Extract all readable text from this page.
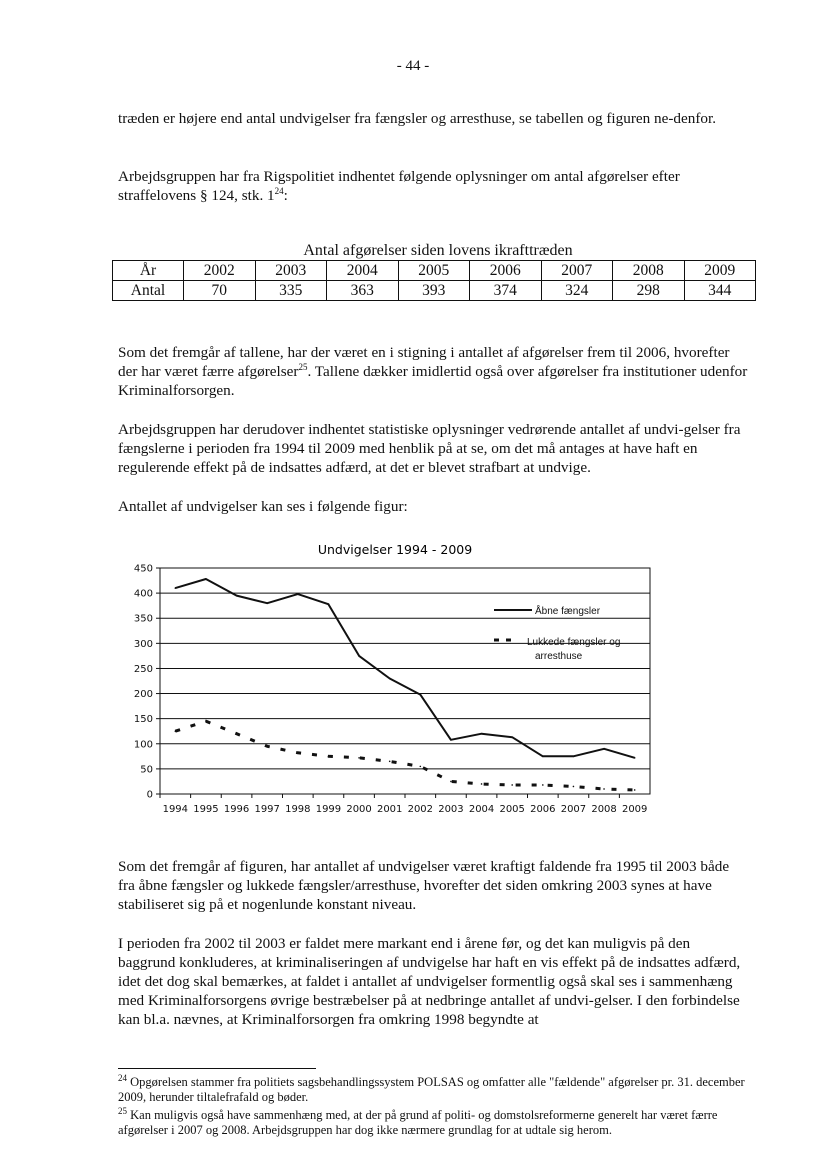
- 44 -

træden er højere end antal undvigelser fra fængsler og arresthuse, se tabellen og figuren ne-denfor.

Arbejdsgruppen har fra Rigspolitiet indhentet følgende oplysninger om antal afgørelser efter straffelovens § 124, stk. $1^{24}$:

Antal afgørelser siden lovens ikrafttræden
År	2002	2003	2004	2005	2006	2007	2008	2009
Antal	70	335	363	393	374	324	298	344

Som det fremgår af tallene, har der været en i stigning i antallet af afgørelser frem til 2006, hvorefter der har været færre afgørelser$^{25}$. Tallene dækker imidlertid også over afgørelser fra institutioner udenfor Kriminalforsorgen.

Arbejdsgruppen har derudover indhentet statistiske oplysninger vedrørende antallet af undvi-gelser fra fængslerne i perioden fra 1994 til 2009 med henblik på at se, om det må antages at have haft en regulerende effekt på de indsattes adfærd, at det er blevet strafbart at undvige.

Antallet af undvigelser kan ses i følgende figur:

Undvigelser 1994 - 2009
0
50
100
150
200
250
300
350
400
450
1994 1995 1996 1997 1998 1999 2000 2001 2002 2003 2004 2005 2006 2007 2008 2009
Åbne fængsler
Lukkede fængsler og
arresthuse

Som det fremgår af figuren, har antallet af undvigelser været kraftigt faldende fra 1995 til 2003 både fra åbne fængsler og lukkede fængsler/arresthuse, hvorefter det siden omkring 2003 synes at have stabiliseret sig på et nogenlunde konstant niveau.

I perioden fra 2002 til 2003 er faldet mere markant end i årene før, og det kan muligvis på den baggrund konkluderes, at kriminaliseringen af undvigelse har haft en vis effekt på de indsattes adfærd, idet det dog skal bemærkes, at faldet i antallet af undvigelser formentlig også skal ses i sammenhæng med Kriminalforsorgens øvrige bestræbelser på at nedbringe antallet af undvi-gelser. I den forbindelse kan bl.a. nævnes, at Kriminalforsorgen fra omkring 1998 begyndte at

$^{24}$ Opgørelsen stammer fra politiets sagsbehandlingssystem POLSAS og omfatter alle "fældende" afgørelser pr. 31. december 2009, herunder tiltalefrafald og bøder.

$^{25}$ Kan muligvis også have sammenhæng med, at der på grund af politi- og domstolsreformerne generelt har været færre afgørelser i 2007 og 2008. Arbejdsgruppen har dog ikke nærmere grundlag for at udtale sig herom.
